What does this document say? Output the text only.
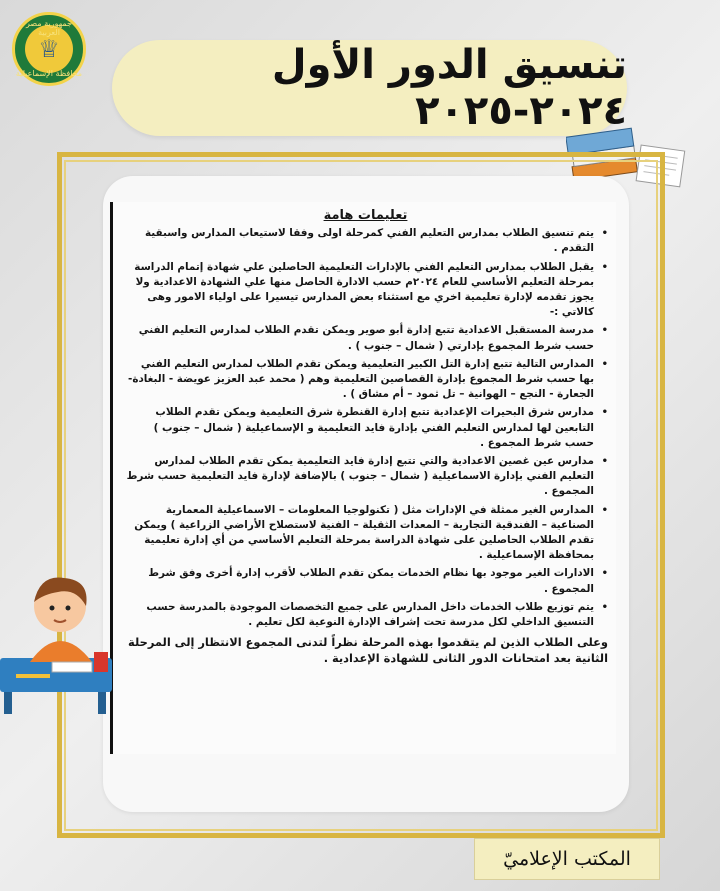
جمهورية مصر العربية
♕
محافظة الإسماعيلية	تنسيق الدور الأول ٢٠٢٤-٢٠٢٥
تعليمات هامة

•
يتم تنسيق الطلاب بمدارس التعليم الفني كمرحلة اولى وفقا لاستيعاب المدارس واسبقية التقدم .

•
يقبل الطلاب بمدارس التعليم الفني بالإدارات التعليمية الحاصلين علي شهادة إتمام الدراسة بمرحلة التعليم الأساسي للعام ٢٠٢٤م حسب الادارة الحاصل منها علي الشهادة الاعدادية ولا يجوز تقدمه لإدارة تعليمية اخري مع استثناء بعض المدارس تيسيرا على اولياء الامور وهى كالاتي :-

•
مدرسة المستقبل الاعدادية تتبع إدارة أبو صوير ويمكن تقدم الطلاب لمدارس التعليم الفني حسب شرط المجموع بإدارتي ( شمال – جنوب ) .

•
المدارس التالية تتبع إدارة التل الكبير التعليمية ويمكن تقدم الطلاب لمدارس التعليم الفني بها حسب شرط المجموع بإدارة القصاصين التعليمية وهم ( محمد عبد العزيز عويضة - البغادة- الجعارة - النجع – الهوانية – تل ثمود – أم مشاق ) .

•
مدارس شرق البحيرات الإعدادية تتبع إدارة القنطرة شرق التعليمية ويمكن تقدم الطلاب التابعين لها لمدارس التعليم الفني بإدارة فايد التعليمية و الإسماعيلية ( شمال – جنوب ) حسب شرط المجموع .

•
مدارس عين غصين الاعدادية والتي تتبع إدارة فايد التعليمية يمكن تقدم الطلاب لمدارس التعليم الفني بإدارة الاسماعيلية ( شمال – جنوب ) بالإضافة لإدارة فايد التعليمية حسب شرط المجموع .

•
المدارس الغير ممثلة في الإدارات مثل ( تكنولوجيا المعلومات – الاسماعيلية المعمارية الصناعية – الفندقية التجارية – المعدات الثقيلة – الفنية لاستصلاح الأراضي الزراعية ) ويمكن تقدم الطلاب الحاصلين على شهادة الدراسة بمرحلة التعليم الأساسي من أي إدارة تعليمية بمحافظة الإسماعيلية .

•
الادارات الغير موجود بها نظام الخدمات يمكن تقدم الطلاب لأقرب إدارة أخرى وفق شرط المجموع .

•
يتم توزيع طلاب الخدمات داخل المدارس على جميع التخصصات الموجودة بالمدرسة حسب التنسيق الداخلي لكل مدرسة تحت إشراف الإدارة النوعية لكل تعليم .

وعلى الطلاب الذين لم يتقدموا بهذه المرحلة نظراً لتدنى المجموع الانتظار إلى المرحلة الثانية بعد امتحانات الدور الثانى للشهادة الإعدادية .

المكتب الإعلاميّ
